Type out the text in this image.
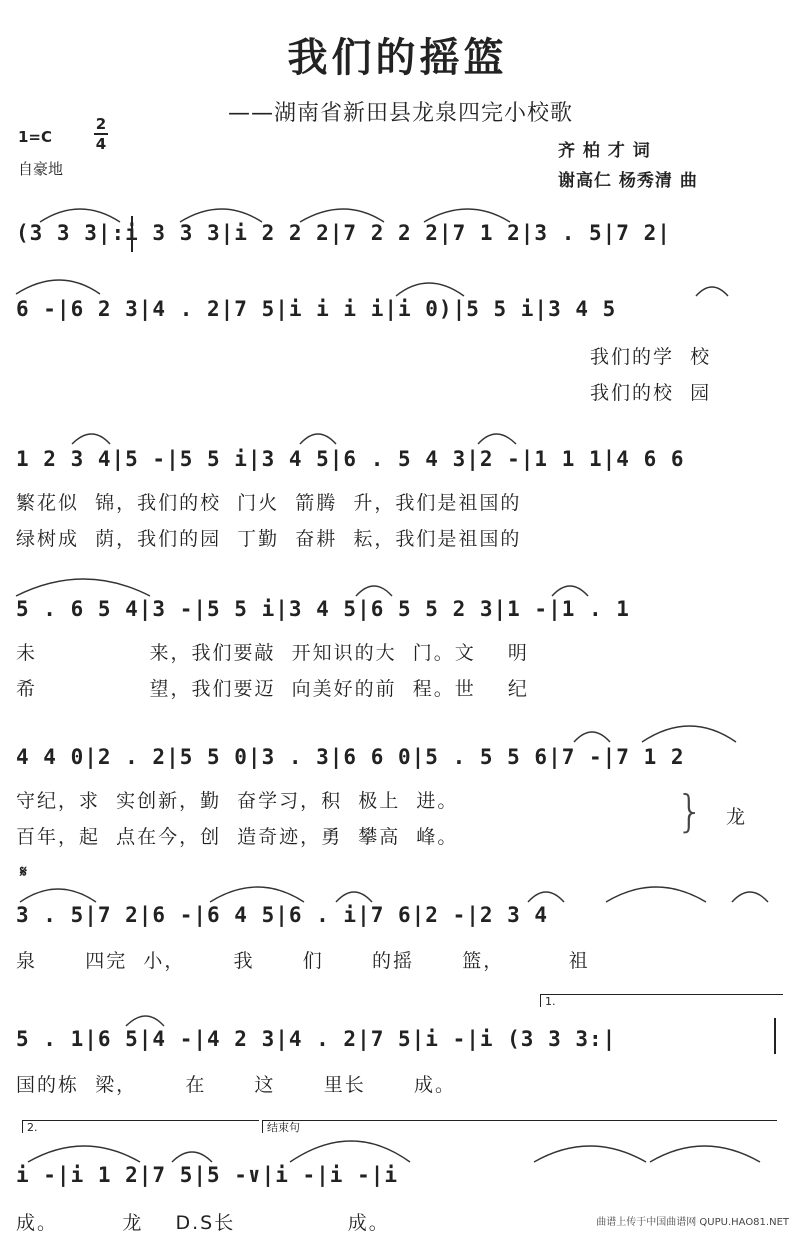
我们的摇篮
——湖南省新田县龙泉四完小校歌
1=C
2
4
自豪地
齐 柏 才 词
谢高仁 杨秀清 曲
(3 3 3|:i 3 3 3|i 2 2 2|7 2 2 2|7 1 2|3 . 5|7 2|
6 -|6 2 3|4 . 2|7 5|i i i i|i 0)|5 5 i|3 4 5
我们的学  校
我们的校  园
1 2 3 4|5 -|5 5 i|3 4 5|6 . 5 4 3|2 -|1 1 1|4 6 6
繁花似  锦，我们的校  门火  箭腾  升，我们是祖国的
绿树成  荫，我们的园  丁勤  奋耕  耘，我们是祖国的
5 . 6 5 4|3 -|5 5 i|3 4 5|6 5 5 2 3|1 -|1 . 1
未              来，我们要敲  开知识的大  门。文    明
希              望，我们要迈  向美好的前  程。世    纪
4 4 0|2 . 2|5 5 0|3 . 3|6 6 0|5 . 5 5 6|7 -|7 1 2
守纪，求  实创新，勤  奋学习，积  极上  进。
百年，起  点在今，创  造奇迹，勇  攀高  峰。	} 龙
𝄋
3 . 5|7 2|6 -|6 4 5|6 . i|7 6|2 -|2 3 4
泉      四完  小，      我      们      的摇      篮，        祖
1.
5 . 1|6 5|4 -|4 2 3|4 . 2|7 5|i -|i (3 3 3:|
国的栋  梁，      在      这      里长      成。
2.	结束句
i -|i 1 2|7 5|5 -∨|i -|i -|i
成。        龙    D.S长              成。	曲谱上传于中国曲谱网 QUPU.HAO81.NET
